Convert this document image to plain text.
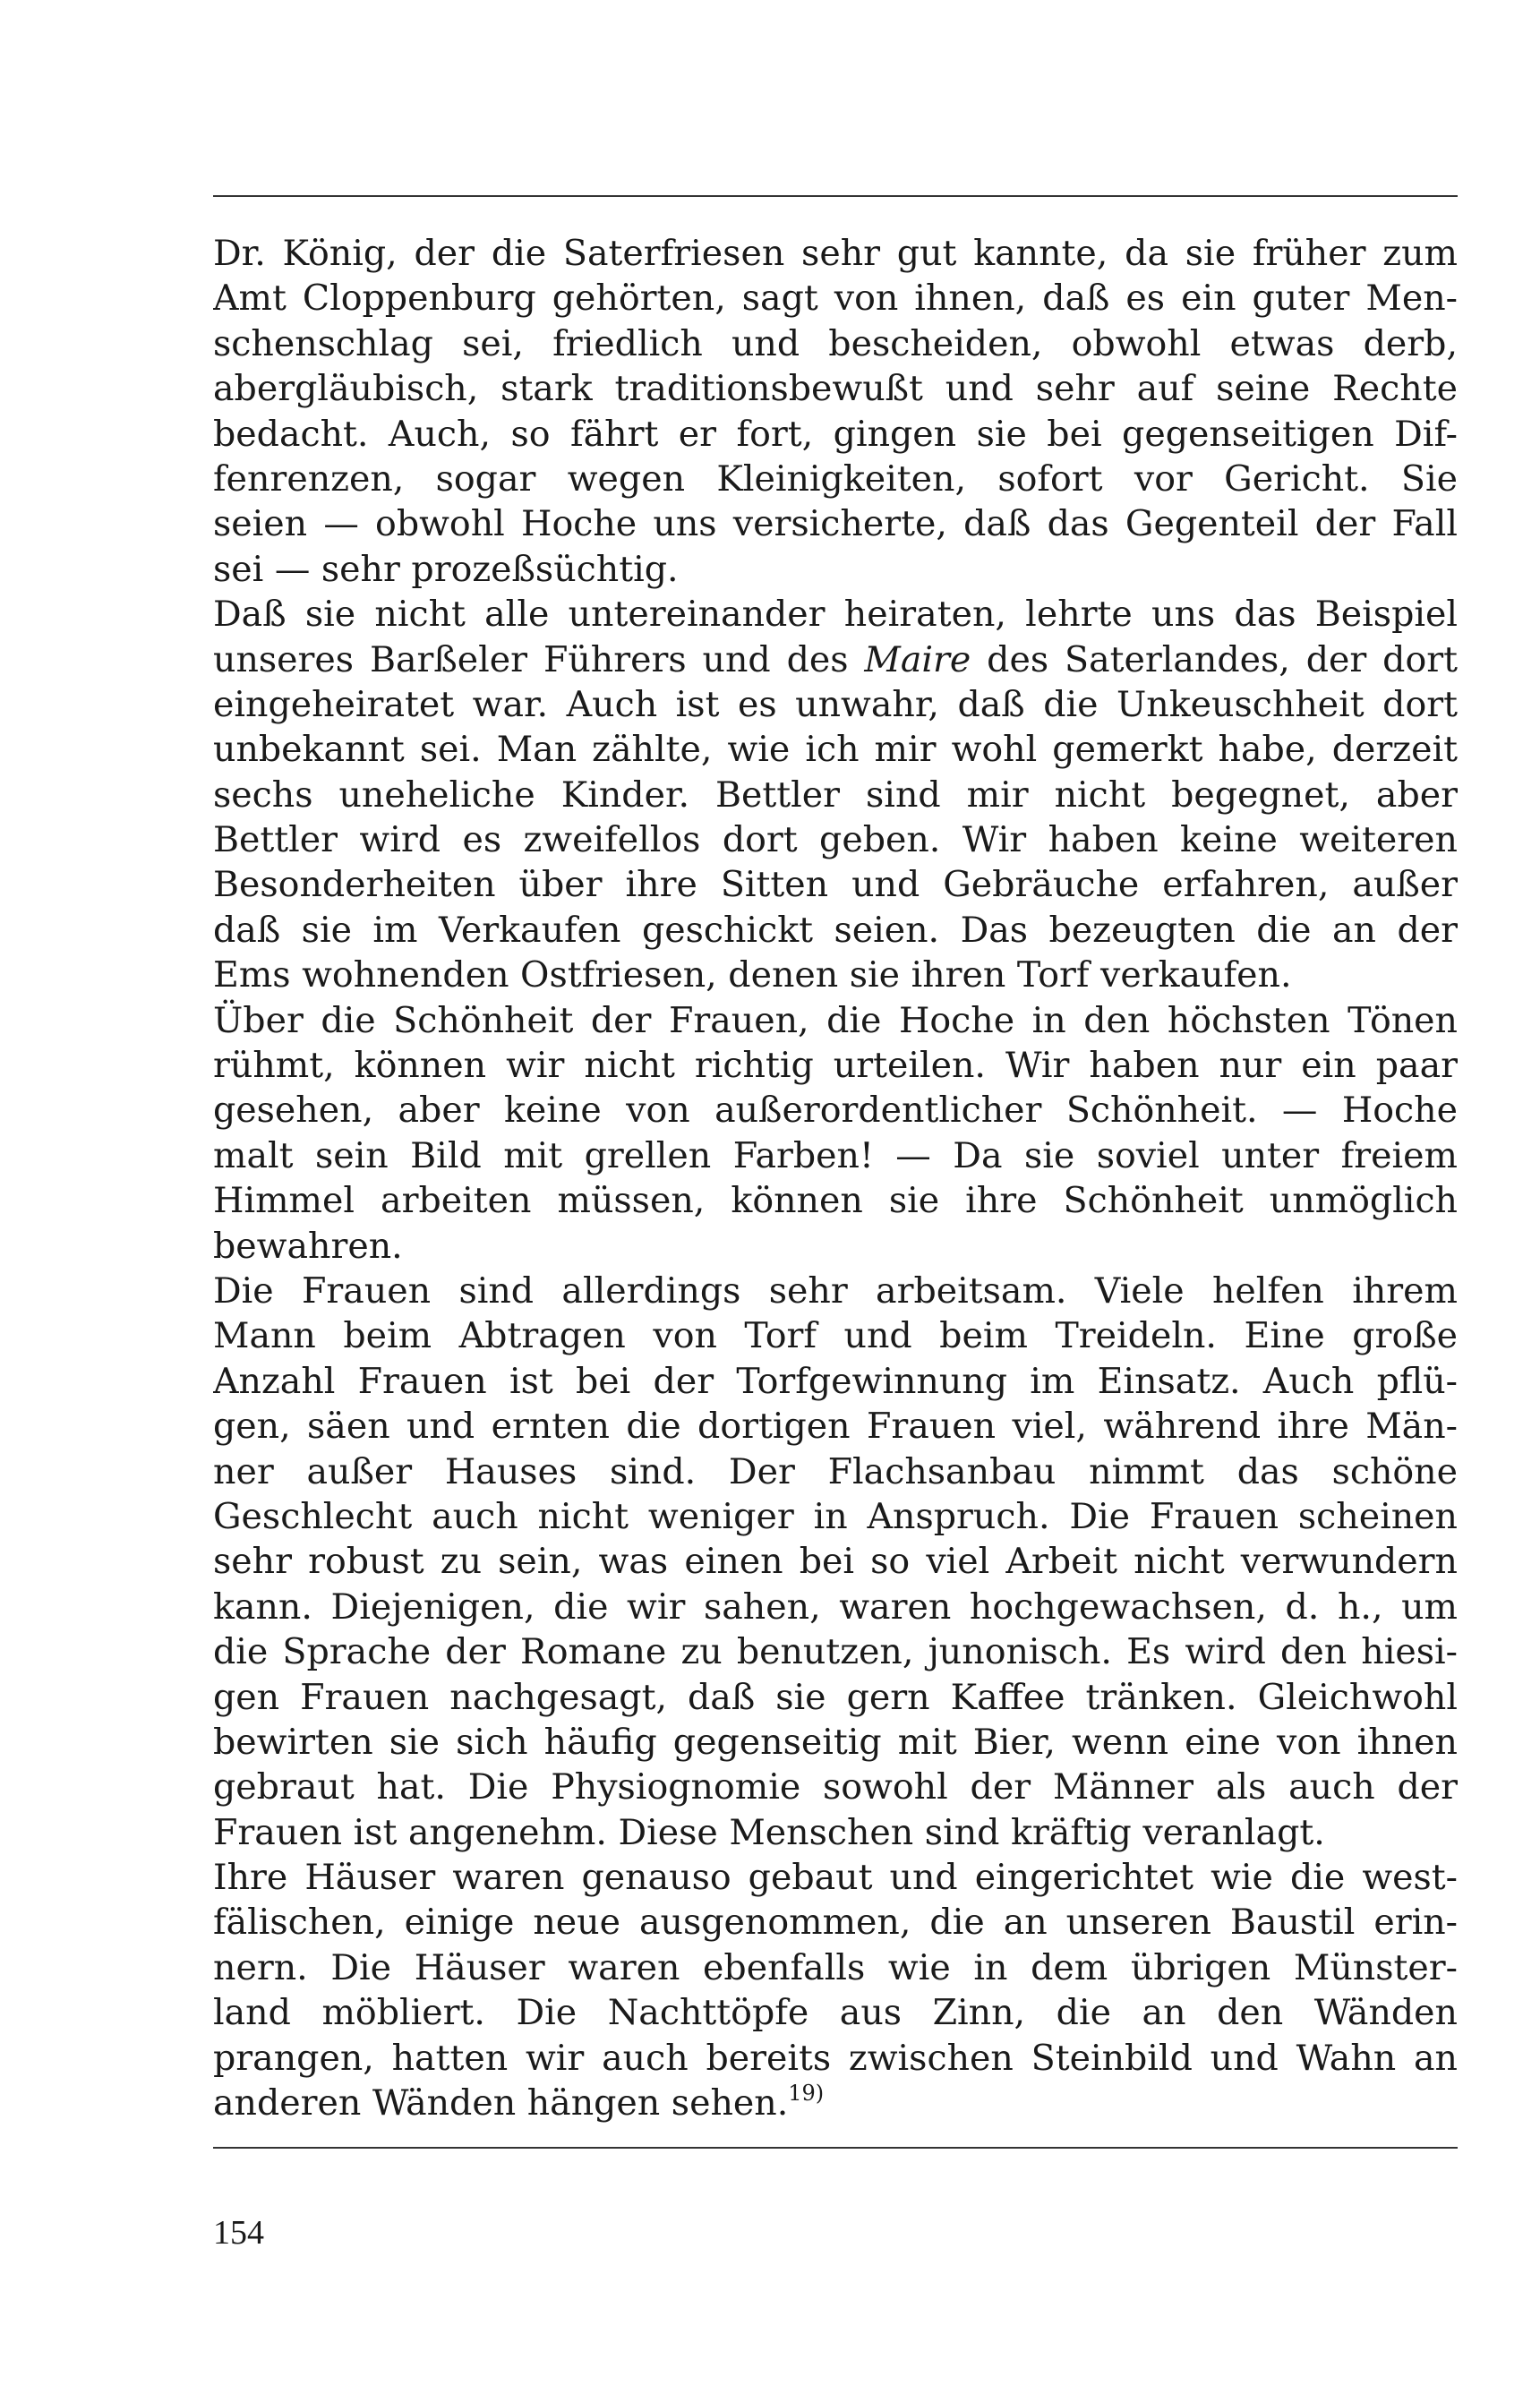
Dr. König, der die Saterfriesen sehr gut kannte, da sie früher zum
Amt Cloppenburg gehörten, sagt von ihnen, daß es ein guter Men-
schenschlag sei, friedlich und bescheiden, obwohl etwas derb,
abergläubisch, stark traditionsbewußt und sehr auf seine Rechte
bedacht. Auch, so fährt er fort, gingen sie bei gegenseitigen Dif-
fenrenzen, sogar wegen Kleinigkeiten, sofort vor Gericht. Sie
seien — obwohl Hoche uns versicherte, daß das Gegenteil der Fall
sei — sehr prozeßsüchtig.
Daß sie nicht alle untereinander heiraten, lehrte uns das Beispiel
unseres Barßeler Führers und des Maire des Saterlandes, der dort
eingeheiratet war. Auch ist es unwahr, daß die Unkeuschheit dort
unbekannt sei. Man zählte, wie ich mir wohl gemerkt habe, derzeit
sechs uneheliche Kinder. Bettler sind mir nicht begegnet, aber
Bettler wird es zweifellos dort geben. Wir haben keine weiteren
Besonderheiten über ihre Sitten und Gebräuche erfahren, außer
daß sie im Verkaufen geschickt seien. Das bezeugten die an der
Ems wohnenden Ostfriesen, denen sie ihren Torf verkaufen.
Über die Schönheit der Frauen, die Hoche in den höchsten Tönen
rühmt, können wir nicht richtig urteilen. Wir haben nur ein paar
gesehen, aber keine von außerordentlicher Schönheit. — Hoche
malt sein Bild mit grellen Farben! — Da sie soviel unter freiem
Himmel arbeiten müssen, können sie ihre Schönheit unmöglich
bewahren.
Die Frauen sind allerdings sehr arbeitsam. Viele helfen ihrem
Mann beim Abtragen von Torf und beim Treideln. Eine große
Anzahl Frauen ist bei der Torfgewinnung im Einsatz. Auch pflü-
gen, säen und ernten die dortigen Frauen viel, während ihre Män-
ner außer Hauses sind. Der Flachsanbau nimmt das schöne
Geschlecht auch nicht weniger in Anspruch. Die Frauen scheinen
sehr robust zu sein, was einen bei so viel Arbeit nicht verwundern
kann. Diejenigen, die wir sahen, waren hochgewachsen, d. h., um
die Sprache der Romane zu benutzen, junonisch. Es wird den hiesi-
gen Frauen nachgesagt, daß sie gern Kaffee tränken. Gleichwohl
bewirten sie sich häufig gegenseitig mit Bier, wenn eine von ihnen
gebraut hat. Die Physiognomie sowohl der Männer als auch der
Frauen ist angenehm. Diese Menschen sind kräftig veranlagt.
Ihre Häuser waren genauso gebaut und eingerichtet wie die west-
fälischen, einige neue ausgenommen, die an unseren Baustil erin-
nern. Die Häuser waren ebenfalls wie in dem übrigen Münster-
land möbliert. Die Nachttöpfe aus Zinn, die an den Wänden
prangen, hatten wir auch bereits zwischen Steinbild und Wahn an
anderen Wänden hängen sehen.$^{19)}$
154
